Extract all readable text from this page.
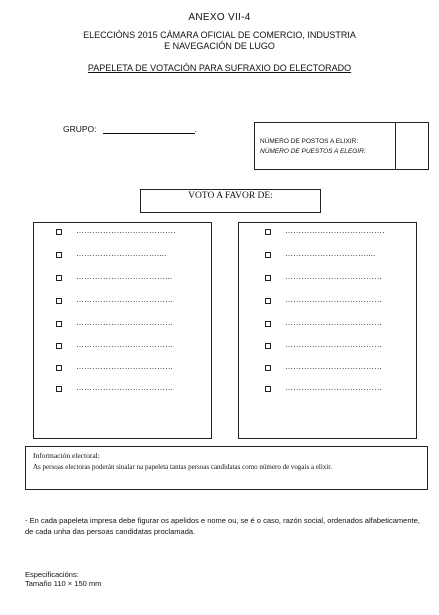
ANEXO VII-4
ELECCIÓNS 2015 CÁMARA OFICIAL DE COMERCIO, INDUSTRIA
E NAVEGACIÓN DE LUGO
PAPELETA DE VOTACIÓN PARA SUFRAXIO DO ELECTORADO
GRUPO:	.
NÚMERO DE POSTOS A ELIXIR:
NÚMERO DE PUESTOS A ELEGIR:
VOTO A FAVOR DE:
……………………………….
…………………………....
……………………………...
………………………………
………………………………
………………………………
………………………………
………………………………
……………………………….
…………………………....
………………………………
………………………………
………………………………
………………………………
………………………………
………………………………
Información electoral:
As persoas electoras poderán sinalar na papeleta tantas persoas candidatas como número de vogais a elixir.
- En cada papeleta impresa debe figurar os apelidos e nome ou, se é o caso, razón social, ordenados alfabeticamente, de cada unha das persoas candidatas proclamada.
Especificacións:
Tamaño 110 × 150 mm
